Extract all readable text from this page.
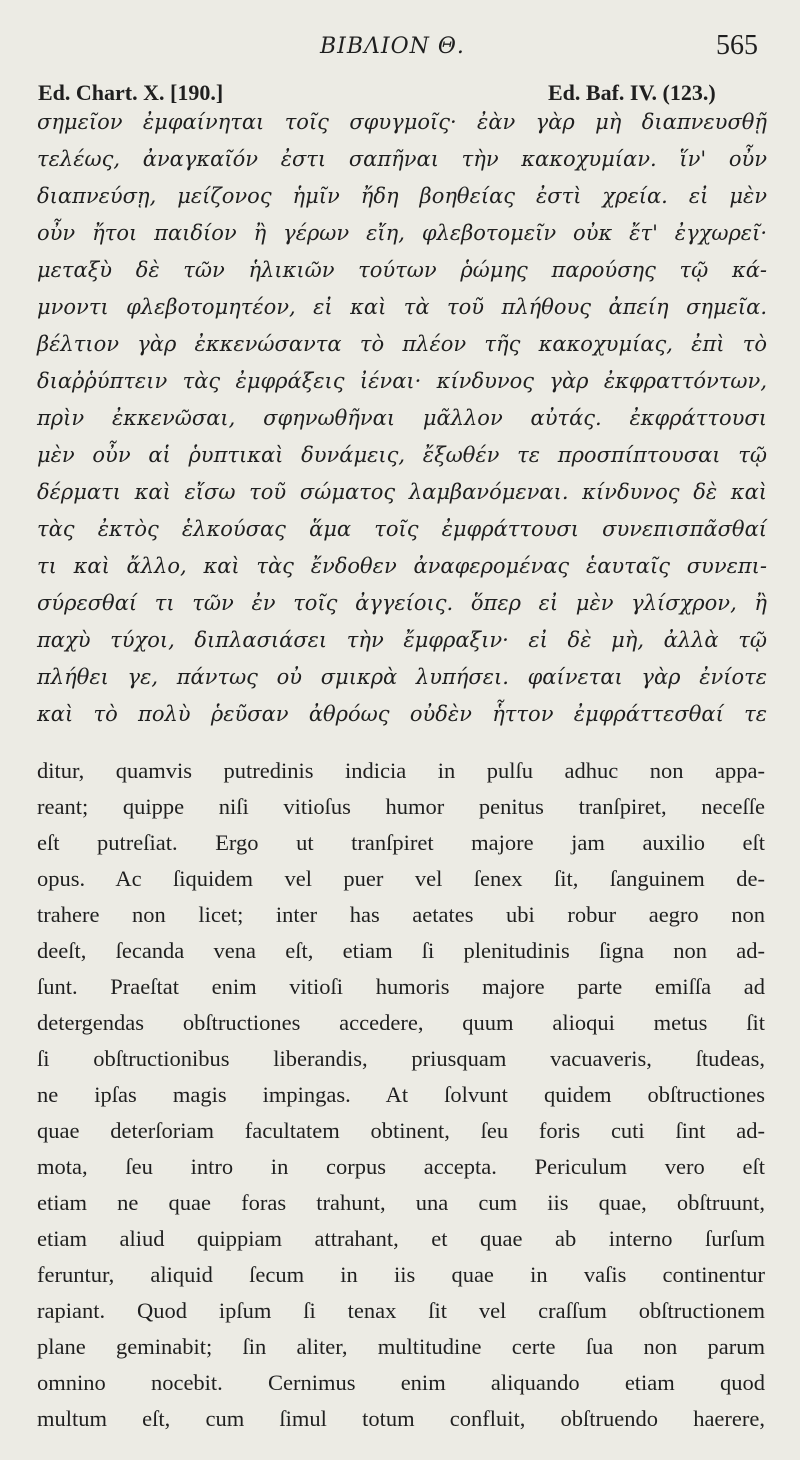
BIBΛIOΝ Θ.	565
Ed. Chart. X. [190.]	Ed. Baf. IV. (123.)
σημεῖον ἐμφαίνηται τοῖς σφυγμοῖς· ἐὰν γὰρ μὴ διαπνευσθῇ
τελέως, ἀναγκαῖόν ἐστι σαπῆναι τὴν κακοχυμίαν. ἵν' οὖν
διαπνεύσῃ, μείζονος ἡμῖν ἤδη βοηθείας ἐστὶ χρεία. εἰ μὲν
οὖν ἤτοι παιδίον ἢ γέρων εἴη, φλεβοτομεῖν οὐκ ἔτ' ἐγχωρεῖ·
μεταξὺ δὲ τῶν ἡλικιῶν τούτων ῥώμης παρούσης τῷ κά-
μνοντι φλεβοτομητέον, εἰ καὶ τὰ τοῦ πλήθους ἀπείη σημεῖα.
βέλτιον γὰρ ἐκκενώσαντα τὸ πλέον τῆς κακοχυμίας, ἐπὶ τὸ
διαῤῥύπτειν τὰς ἐμφράξεις ἰέναι· κίνδυνος γὰρ ἐκφραττόντων,
πρὶν ἐκκενῶσαι, σφηνωθῆναι μᾶλλον αὐτάς. ἐκφράττουσι
μὲν οὖν αἱ ῥυπτικαὶ δυνάμεις, ἔξωθέν τε προσπίπτουσαι τῷ
δέρματι καὶ εἴσω τοῦ σώματος λαμβανόμεναι. κίνδυνος δὲ καὶ
τὰς ἐκτὸς ἑλκούσας ἅμα τοῖς ἐμφράττουσι συνεπισπᾶσθαί
τι καὶ ἄλλο, καὶ τὰς ἔνδοθεν ἀναφερομένας ἑαυταῖς συνεπι-
σύρεσθαί τι τῶν ἐν τοῖς ἀγγείοις. ὅπερ εἰ μὲν γλίσχρον, ἢ
παχὺ τύχοι, διπλασιάσει τὴν ἔμφραξιν· εἰ δὲ μὴ, ἀλλὰ τῷ
πλήθει γε, πάντως οὐ σμικρὰ λυπήσει. φαίνεται γὰρ ἐνίοτε
καὶ τὸ πολὺ ῥεῦσαν ἀθρόως οὐδὲν ἧττον ἐμφράττεσθαί τε
ditur, quamvis putredinis indicia in pulſu adhuc non appa-
reant; quippe niſi vitioſus humor penitus tranſpiret, neceſſe
eſt putreſiat. Ergo ut tranſpiret majore jam auxilio eſt
opus. Ac ſiquidem vel puer vel ſenex ſit, ſanguinem de-
trahere non licet; inter has aetates ubi robur aegro non
deeſt, ſecanda vena eſt, etiam ſi plenitudinis ſigna non ad-
ſunt. Praeſtat enim vitioſi humoris majore parte emiſſa ad
detergendas obſtructiones accedere, quum alioqui metus ſit
ſi obſtructionibus liberandis, priusquam vacuaveris, ſtudeas,
ne ipſas magis impingas. At ſolvunt quidem obſtructiones
quae deterſoriam facultatem obtinent, ſeu foris cuti ſint ad-
mota, ſeu intro in corpus accepta. Periculum vero eſt
etiam ne quae foras trahunt, una cum iis quae, obſtruunt,
etiam aliud quippiam attrahant, et quae ab interno ſurſum
feruntur, aliquid ſecum in iis quae in vaſis continentur
rapiant. Quod ipſum ſi tenax ſit vel craſſum obſtructionem
plane geminabit; ſin aliter, multitudine certe ſua non parum
omnino nocebit. Cernimus enim aliquando etiam quod
multum eſt, cum ſimul totum confluit, obſtruendo haerere,
